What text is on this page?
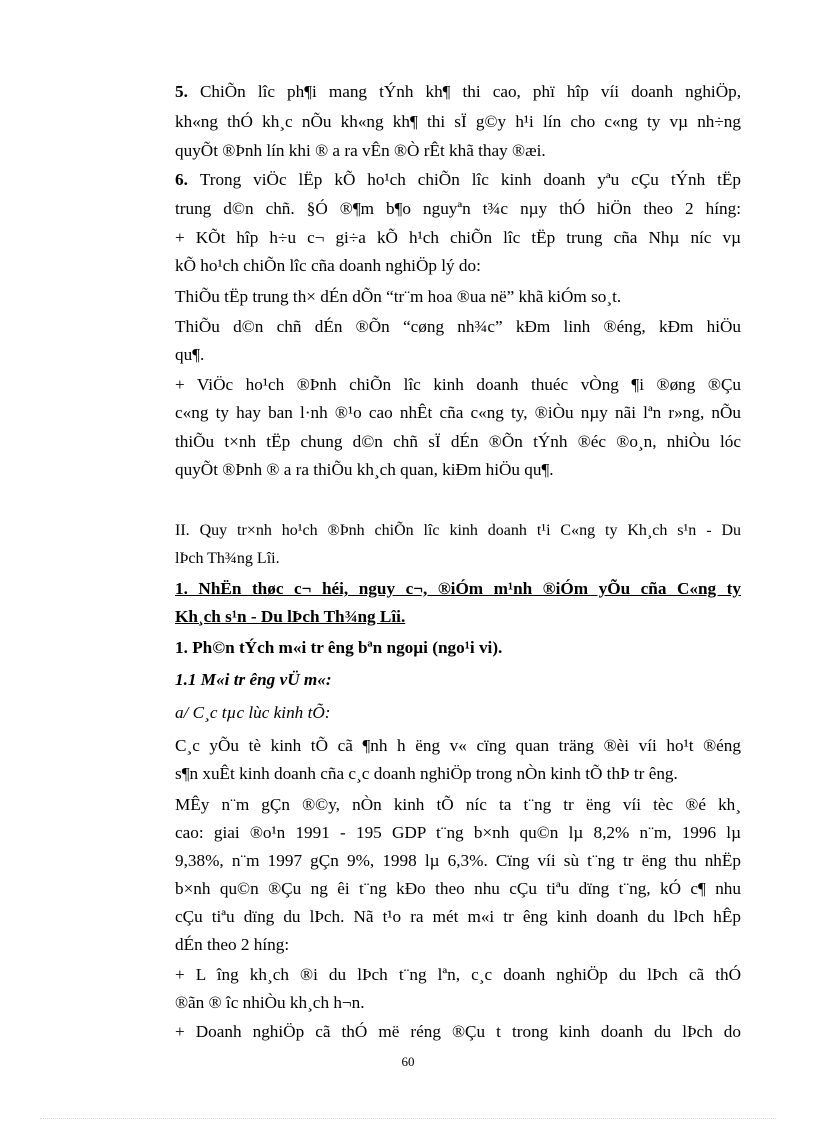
5. ChiÕn lîc ph¶i mang tÝnh kh¶ thi cao, phï hîp víi doanh nghiÖp,
kh«ng thÓ kh¸c nÕu kh«ng kh¶ thi sÏ g©y h¹i lín cho c«ng ty vµ nh÷ng
quyÕt ®Þnh lín khi ® a ra vÊn ®Ò rÊt khã thay ®æi.
6. Trong viÖc lËp kÕ ho¹ch chiÕn lîc kinh doanh yªu cÇu tÝnh tËp
trung d©n chñ. §Ó ®¶m b¶o nguyªn t¾c nµy thÓ hiÖn theo 2 híng:
+ KÕt hîp h÷u c¬ gi÷a kÕ h¹ch chiÕn lîc tËp trung cña Nhµ níc vµ
kÕ ho¹ch chiÕn lîc cña doanh nghiÖp lý do:
ThiÕu tËp trung th× dÉn dÕn “tr¨m hoa ®ua në” khã kiÓm so¸t.
ThiÕu d©n chñ dÉn ®Õn “cøng nh¾c” kÐm linh ®éng, kÐm hiÖu
qu¶.
+ ViÖc ho¹ch ®Þnh chiÕn lîc kinh doanh thuéc vÒng ¶i ®øng ®Çu
c«ng ty hay ban l·nh ®¹o cao nhÊt cña c«ng ty, ®iÒu nµy nãi lªn r»ng, nÕu
thiÕu t×nh tËp chung d©n chñ sÏ dÉn ®Õn tÝnh ®éc ®o¸n, nhiÒu lóc
quyÕt ®Þnh ® a ra thiÕu kh¸ch quan, kiÐm hiÖu qu¶.
II. Quy tr×nh ho¹ch ®Þnh chiÕn lîc kinh doanh t¹i C«ng ty Kh¸ch s¹n - Du
lÞch Th¾ng Lîi.
1. NhËn thøc c¬ héi, nguy c¬, ®iÓm m¹nh ®iÓm yÕu cña C«ng ty
Kh¸ch s¹n - Du lÞch Th¾ng Lîi.
1. Ph©n tÝch m«i tr êng bªn ngoµi (ngo¹i vi).
1.1 M«i tr êng vÜ m«:
a/ C¸c tµc lùc kinh tÕ:
C¸c yÕu tè kinh tÕ cã ¶nh h ëng v« cïng quan träng ®èi víi ho¹t ®éng
s¶n xuÊt kinh doanh cña c¸c doanh nghiÖp trong nÒn kinh tÕ thÞ tr êng.
MÊy n¨m gÇn ®©y, nÒn kinh tÕ níc ta t¨ng tr ëng víi tèc ®é kh¸
cao: giai ®o¹n 1991 - 195 GDP t¨ng b×nh qu©n lµ 8,2% n¨m, 1996 lµ
9,38%, n¨m 1997 gÇn 9%, 1998 lµ 6,3%. Cïng víi sù t¨ng tr ëng thu nhËp
b×nh qu©n ®Çu ng êi t¨ng kÐo theo nhu cÇu tiªu dïng t¨ng, kÓ c¶ nhu
cÇu tiªu dïng du lÞch. Nã t¹o ra mét m«i tr êng kinh doanh du lÞch hÊp
dÉn theo 2 híng:
+ L îng kh¸ch ®i du lÞch t¨ng lªn, c¸c doanh nghiÖp du lÞch cã thÓ
®ãn ® îc nhiÒu kh¸ch h¬n.
+ Doanh nghiÖp cã thÓ më réng ®Çu t trong kinh doanh du lÞch do
60
